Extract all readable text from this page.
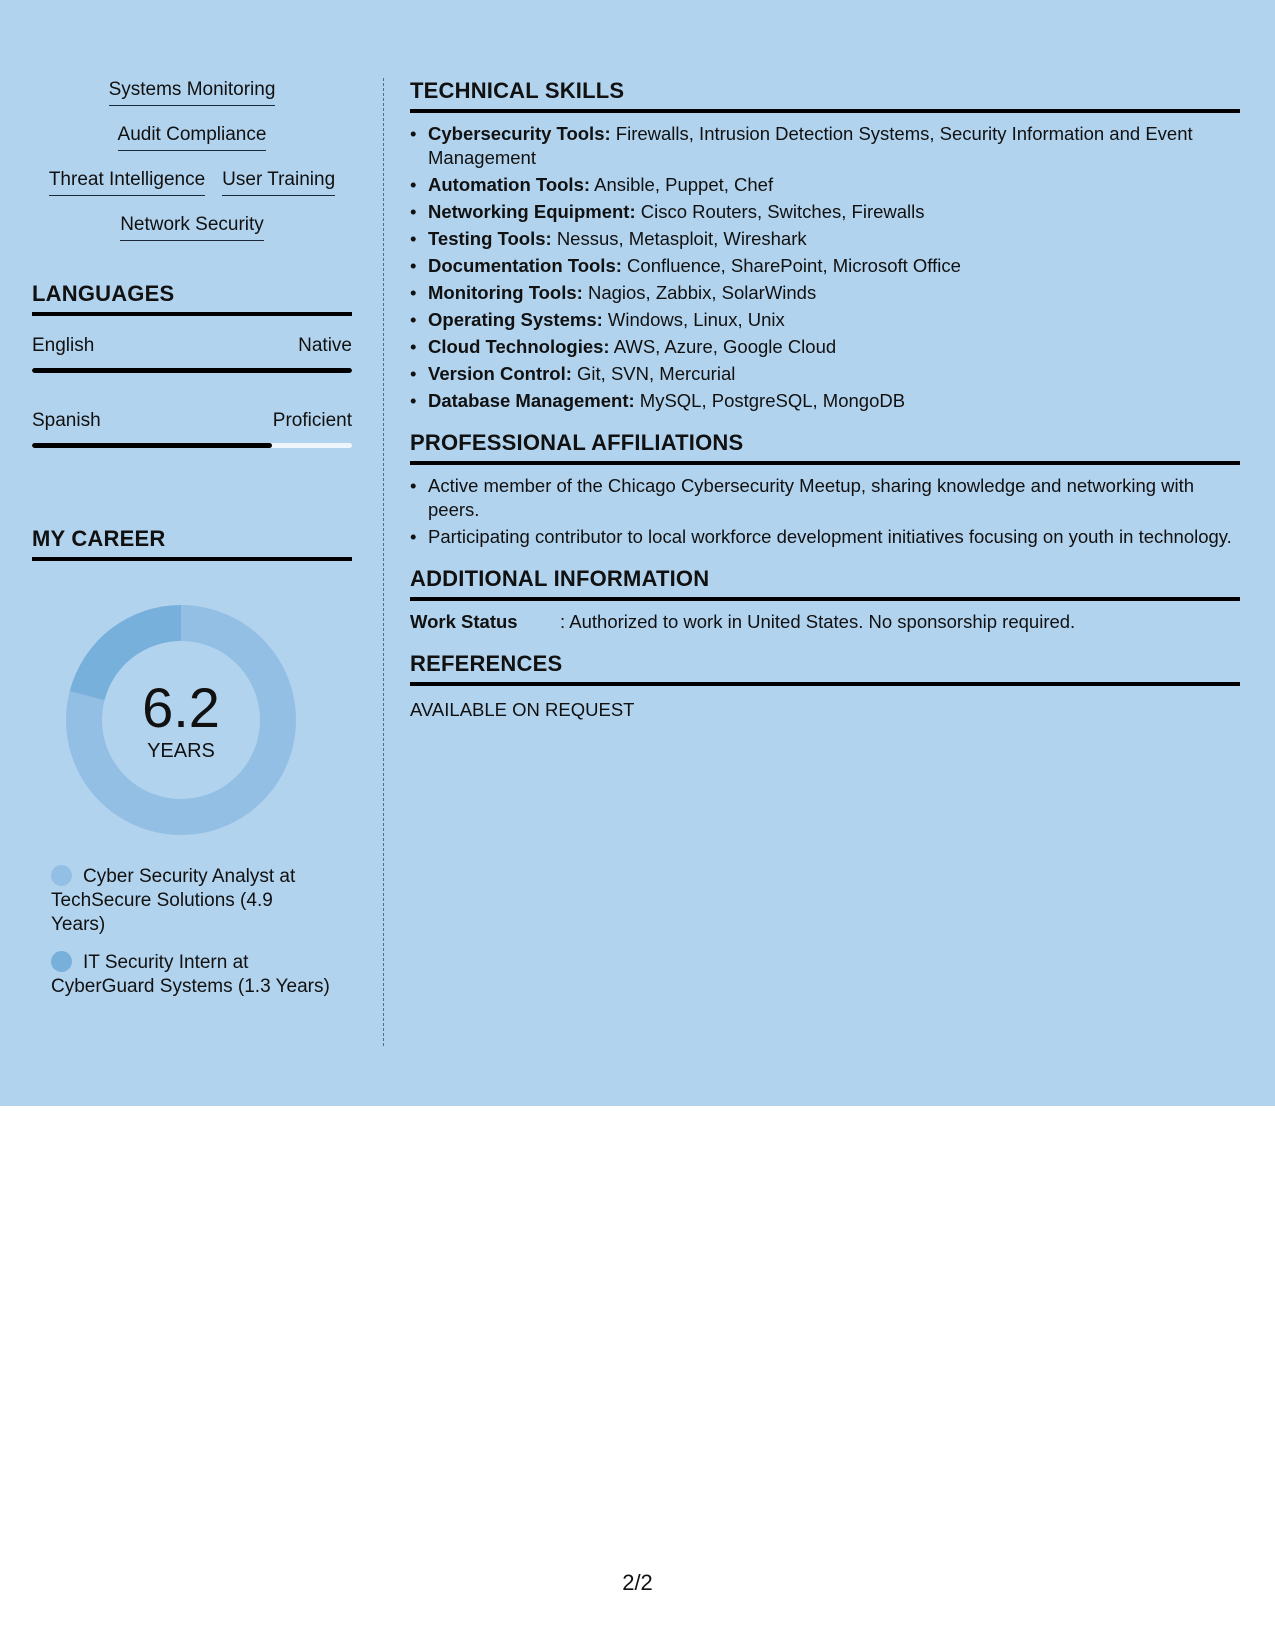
Systems Monitoring
Audit Compliance
Threat Intelligence User Training
Network Security
LANGUAGES
English	Native
Spanish	Proficient
MY CAREER
6.2
YEARS
Cyber Security Analyst at TechSecure Solutions (4.9 Years)
IT Security Intern at CyberGuard Systems (1.3 Years)
TECHNICAL SKILLS
• Cybersecurity Tools: Firewalls, Intrusion Detection Systems, Security Information and Event Management
• Automation Tools: Ansible, Puppet, Chef
• Networking Equipment: Cisco Routers, Switches, Firewalls
• Testing Tools: Nessus, Metasploit, Wireshark
• Documentation Tools: Confluence, SharePoint, Microsoft Office
• Monitoring Tools: Nagios, Zabbix, SolarWinds
• Operating Systems: Windows, Linux, Unix
• Cloud Technologies: AWS, Azure, Google Cloud
• Version Control: Git, SVN, Mercurial
• Database Management: MySQL, PostgreSQL, MongoDB
PROFESSIONAL AFFILIATIONS
• Active member of the Chicago Cybersecurity Meetup, sharing knowledge and networking with peers.
• Participating contributor to local workforce development initiatives focusing on youth in technology.
ADDITIONAL INFORMATION
Work Status	: Authorized to work in United States. No sponsorship required.
REFERENCES
AVAILABLE ON REQUEST
2/2
